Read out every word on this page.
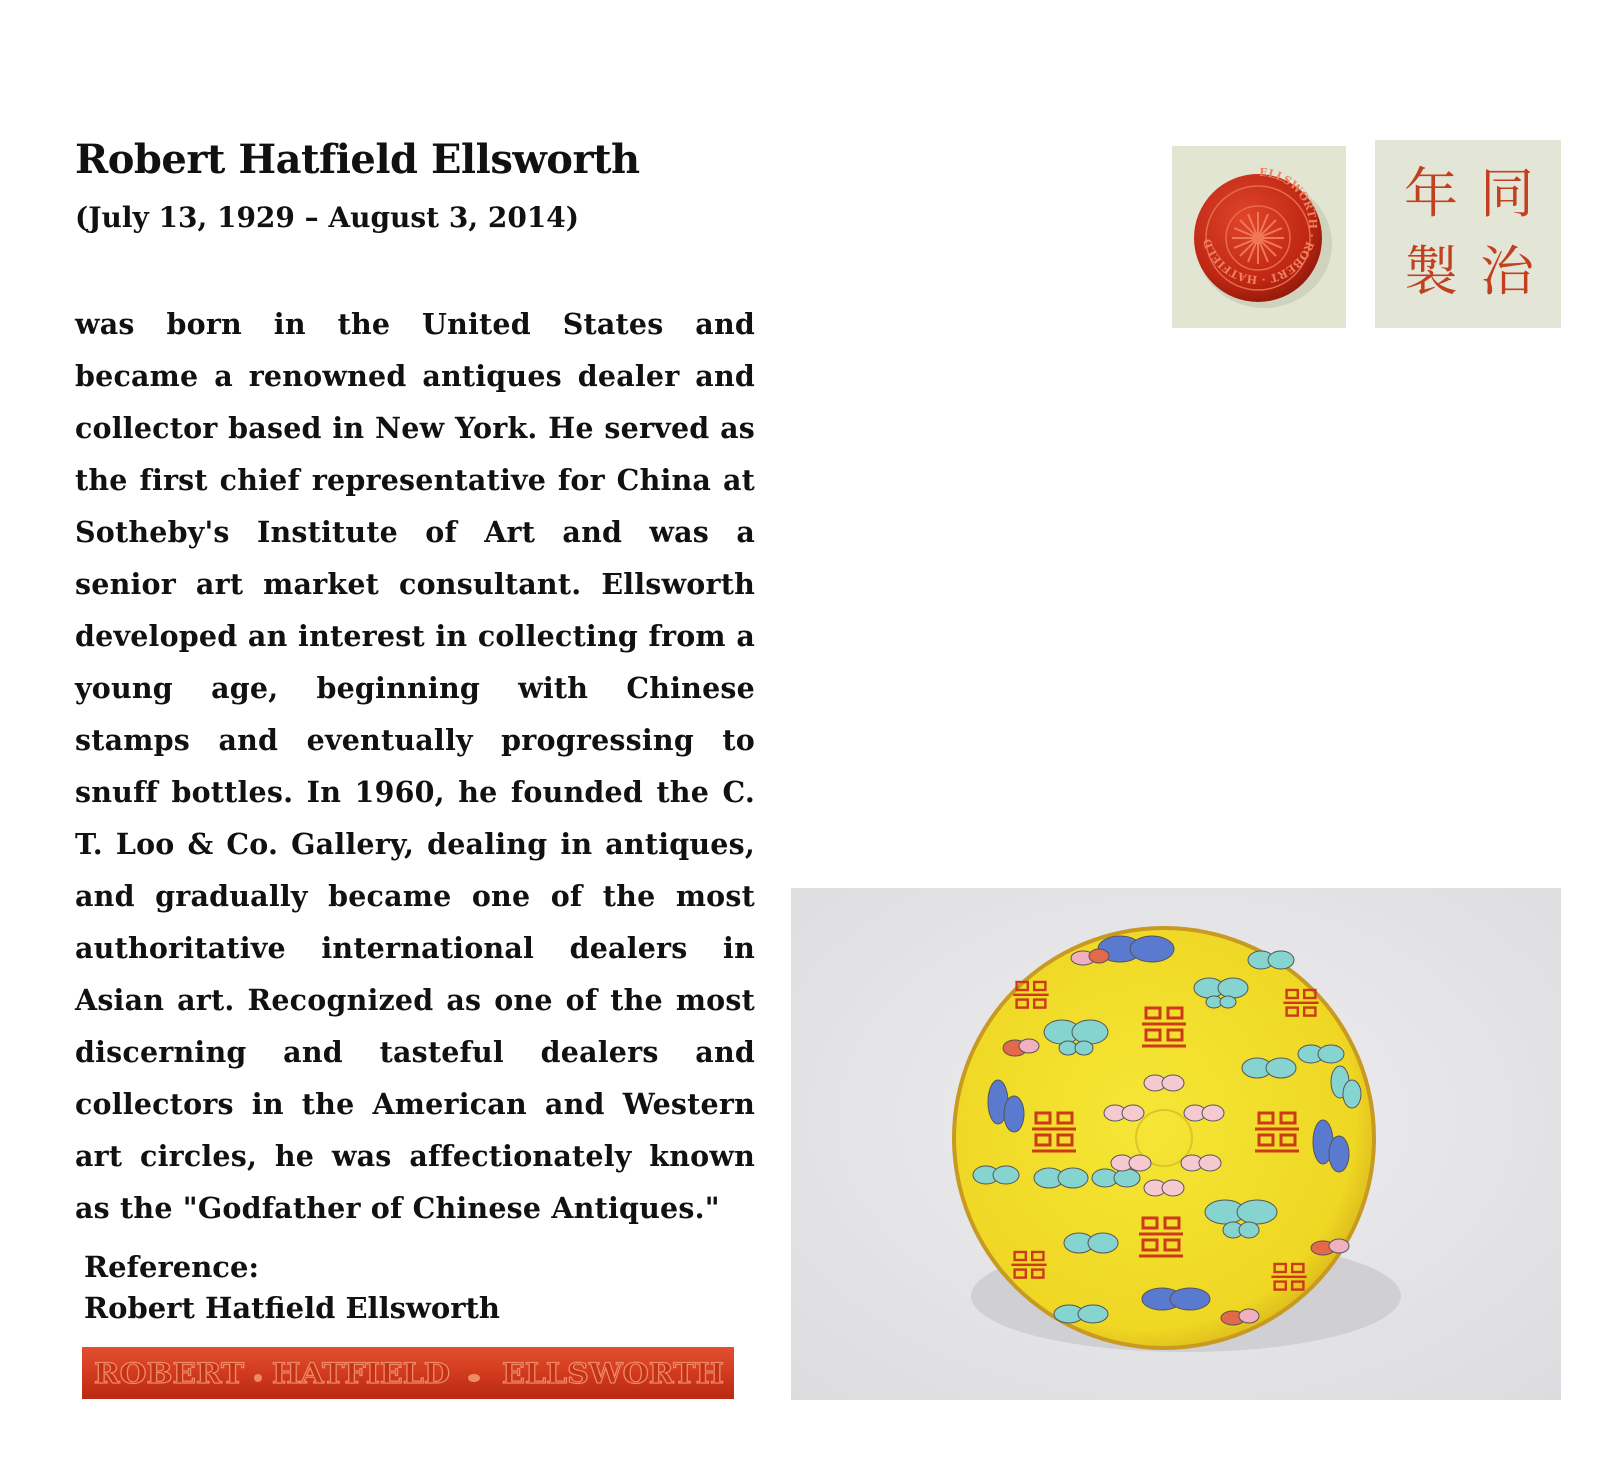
Robert Hatfield Ellsworth

(July 13, 1929 – August 3, 2014)

was born in the United States and became a renowned antiques dealer and collector based in New York. He served as the first chief representative for China at Sotheby's Institute of Art and was a senior art market consultant. Ellsworth developed an interest in collecting from a young age, beginning with Chinese stamps and eventually progressing to snuff bottles. In 1960, he founded the C. T. Loo & Co. Gallery, dealing in antiques, and gradually became one of the most authoritative international dealers in Asian art. Recognized as one of the most discerning and tasteful dealers and collectors in the American and Western art circles, he was affectionately known as the "Godfather of Chinese Antiques."

Reference:

Robert Hatfield Ellsworth

ROBERT HATFIELD ELLSWORTH
ELLSWORTH · ROBERT · HATFIELD
同
治
年
製
